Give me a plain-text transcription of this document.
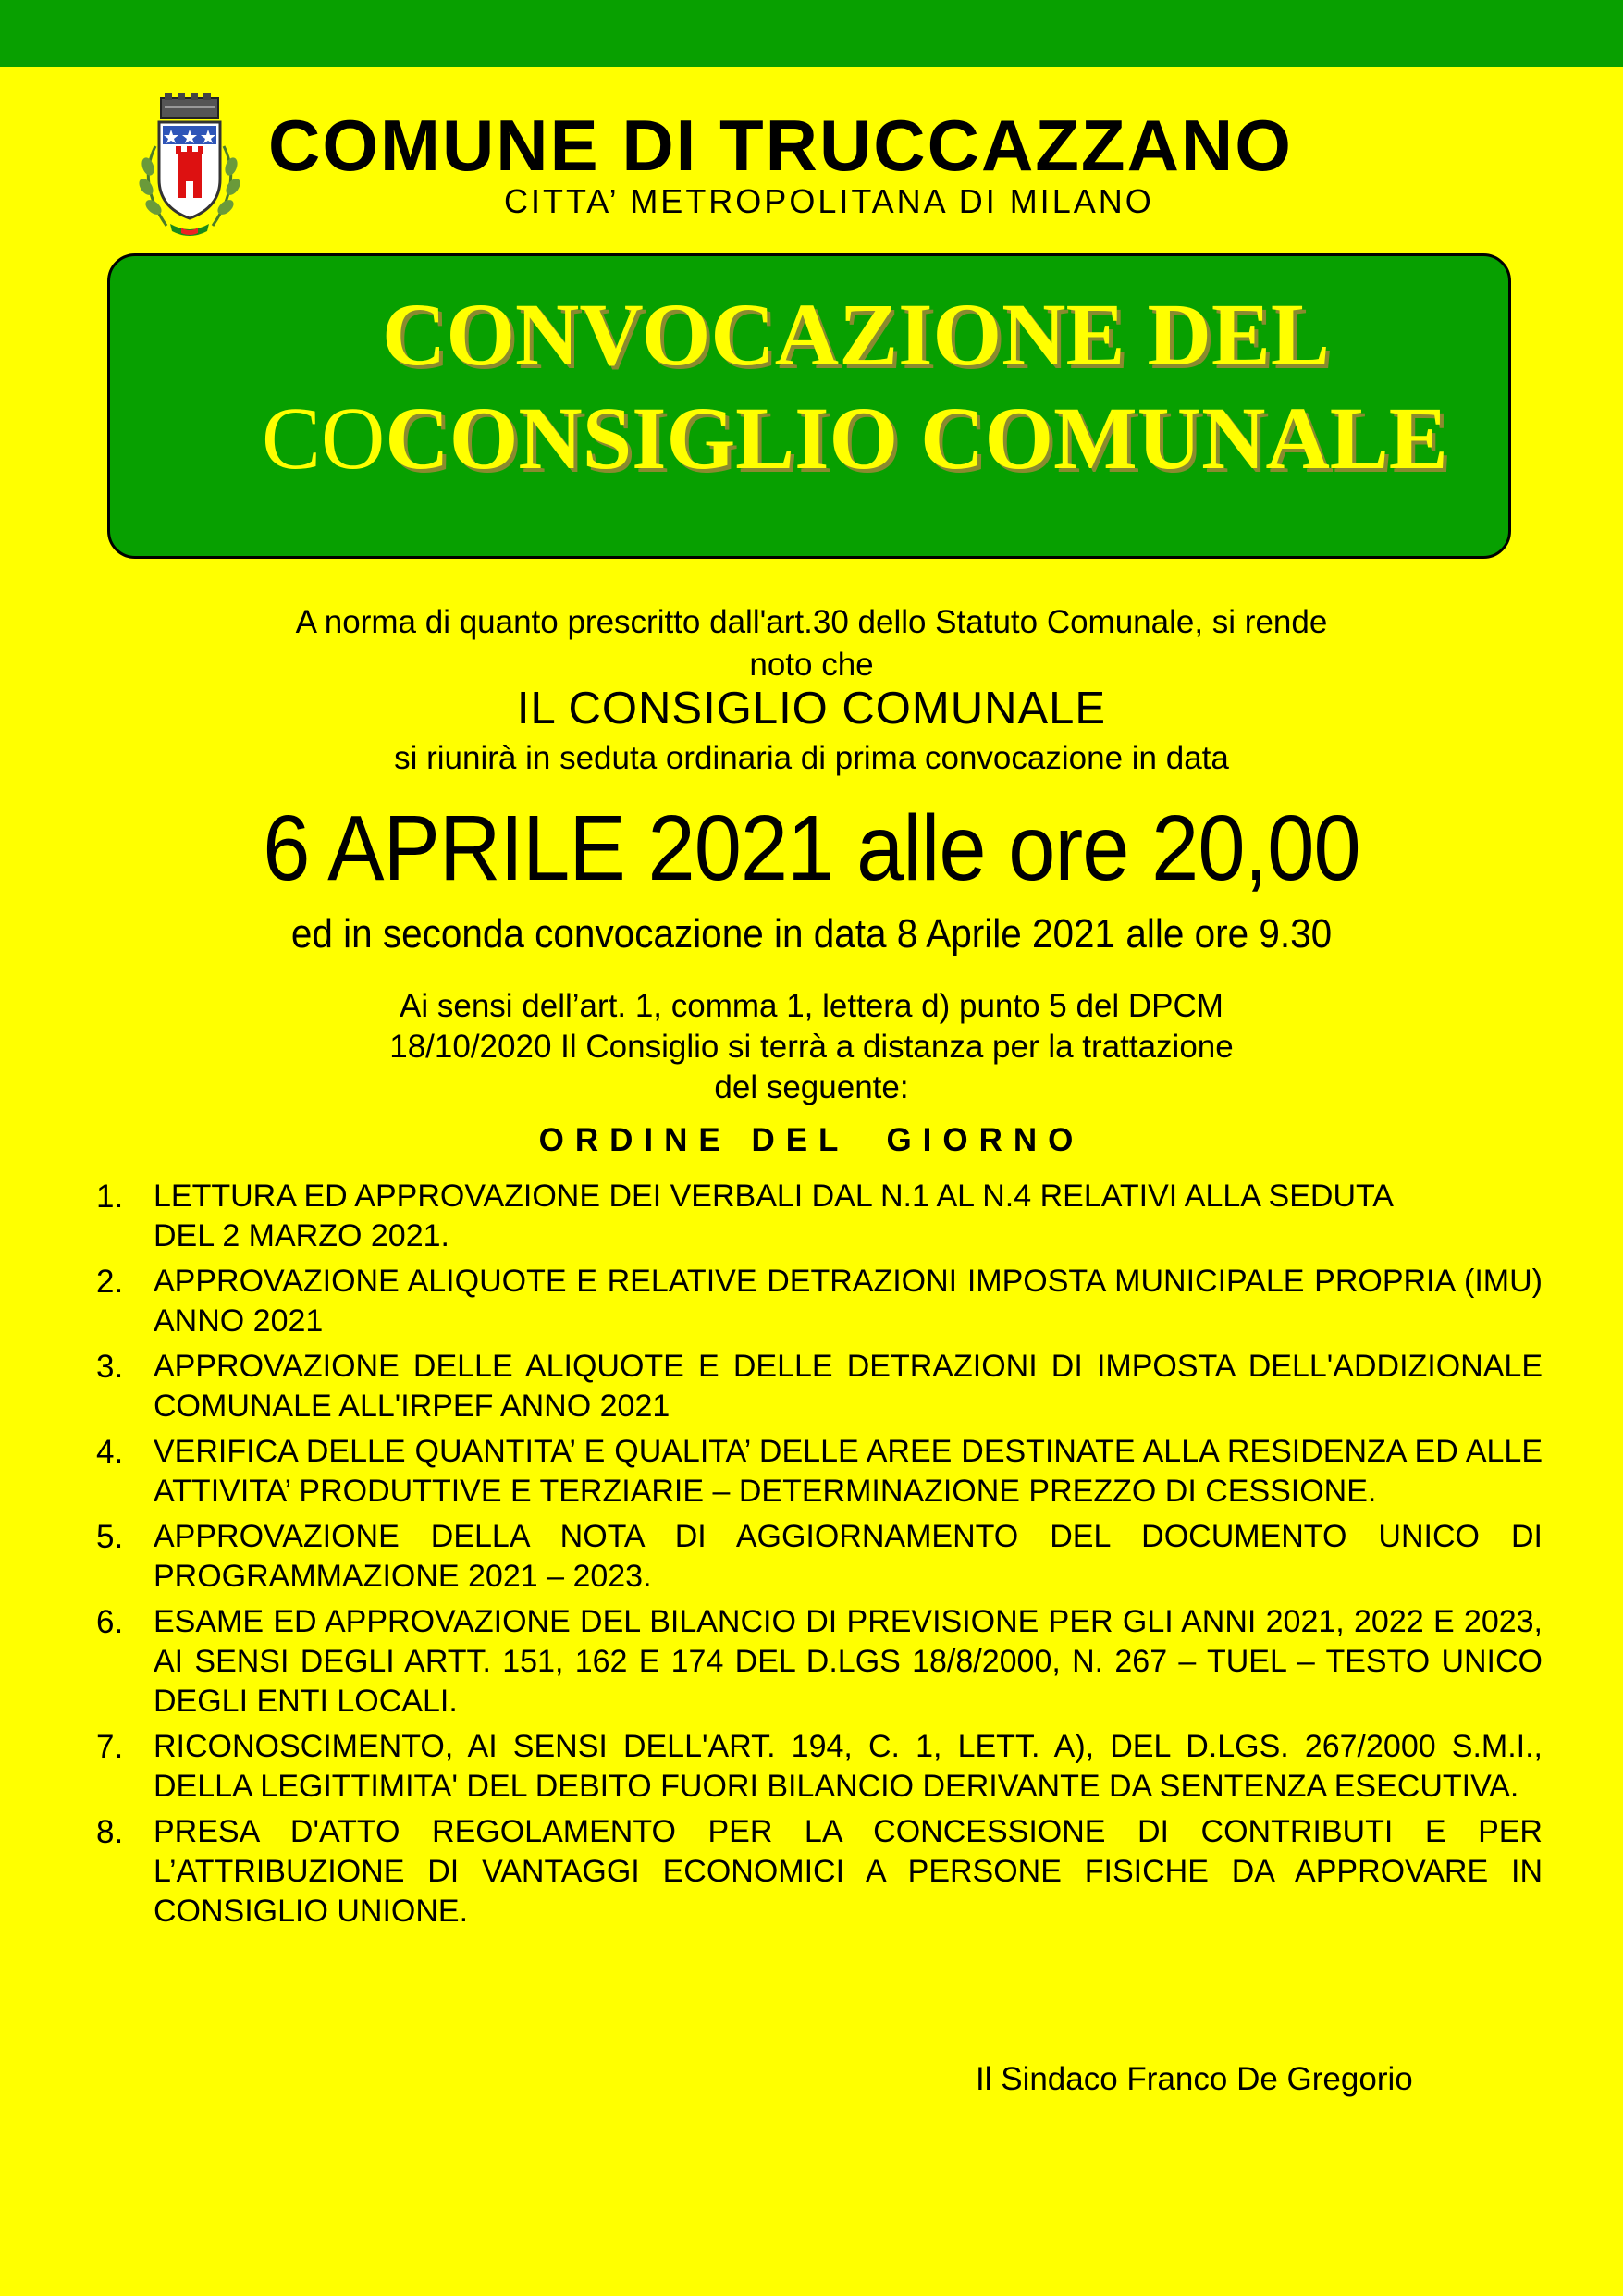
COMUNE DI TRUCCAZZANO
CITTA’ METROPOLITANA DI MILANO
CONVOCAZIONE DEL
COCONSIGLIO COMUNALE
A norma di quanto prescritto dall'art.30 dello Statuto Comunale, si rende
noto che
IL CONSIGLIO COMUNALE
si riunirà in seduta ordinaria di prima convocazione in data
6 APRILE 2021 alle ore 20,00
ed in seconda convocazione in data 8 Aprile 2021 alle ore 9.30
Ai sensi dell’art. 1, comma 1, lettera d) punto 5 del DPCM
18/10/2020 Il Consiglio si terrà a distanza per la trattazione
del seguente:
ORDINE DEL GIORNO
1. LETTURA ED APPROVAZIONE DEI VERBALI DAL N.1 AL N.4 RELATIVI ALLA SEDUTA DEL 2 MARZO 2021.
2. APPROVAZIONE ALIQUOTE E RELATIVE DETRAZIONI IMPOSTA MUNICIPALE PROPRIA (IMU) ANNO 2021
3. APPROVAZIONE DELLE ALIQUOTE E DELLE DETRAZIONI DI IMPOSTA DELL'ADDIZIONALE COMUNALE ALL'IRPEF ANNO 2021
4. VERIFICA DELLE QUANTITA’ E QUALITA’ DELLE AREE DESTINATE ALLA RESIDENZA ED ALLE ATTIVITA’ PRODUTTIVE E TERZIARIE – DETERMINAZIONE PREZZO DI CESSIONE.
5. APPROVAZIONE DELLA NOTA DI AGGIORNAMENTO DEL DOCUMENTO UNICO DI PROGRAMMAZIONE 2021 – 2023.
6. ESAME ED APPROVAZIONE DEL BILANCIO DI PREVISIONE PER GLI ANNI 2021, 2022 E 2023, AI SENSI DEGLI ARTT. 151, 162 E 174 DEL D.LGS 18/8/2000, N. 267 – TUEL – TESTO UNICO DEGLI ENTI LOCALI.
7. RICONOSCIMENTO, AI SENSI DELL'ART. 194, C. 1, LETT. A), DEL D.LGS. 267/2000 S.M.I., DELLA LEGITTIMITA' DEL DEBITO FUORI BILANCIO DERIVANTE DA SENTENZA ESECUTIVA.
8. PRESA D'ATTO REGOLAMENTO PER LA CONCESSIONE DI CONTRIBUTI E PER L’ATTRIBUZIONE DI VANTAGGI ECONOMICI A PERSONE FISICHE DA APPROVARE IN CONSIGLIO UNIONE.
Il Sindaco Franco De Gregorio
